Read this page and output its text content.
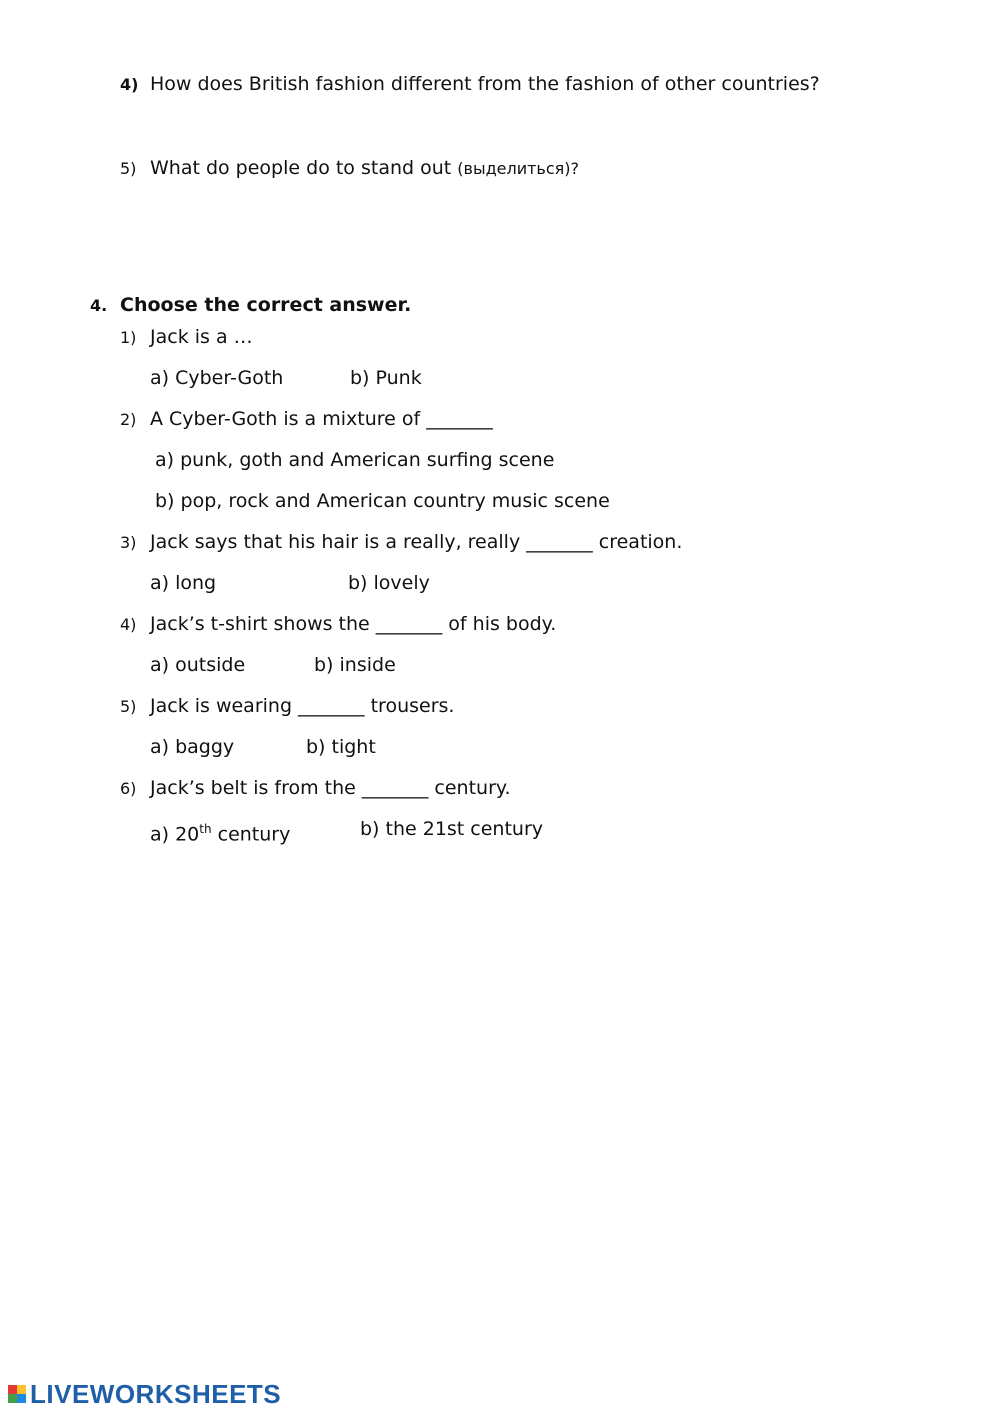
4) How does British fashion different from the fashion of other countries?
5) What do people do to stand out (выделиться)?
4. Choose the correct answer.
1) Jack is a …
a) Cyber-Goth	b) Punk
2) A Cyber-Goth is a mixture of _______
a) punk, goth and American surfing scene
b) pop, rock and American country music scene
3) Jack says that his hair is a really, really _______ creation.
a) long	b) lovely
4) Jack’s t-shirt shows the _______ of his body.
a) outside	b) inside
5) Jack is wearing _______ trousers.
a) baggy	b) tight
6) Jack’s belt is from the _______ century.
a) 20th century	b) the 21st century
LIVEWORKSHEETS
